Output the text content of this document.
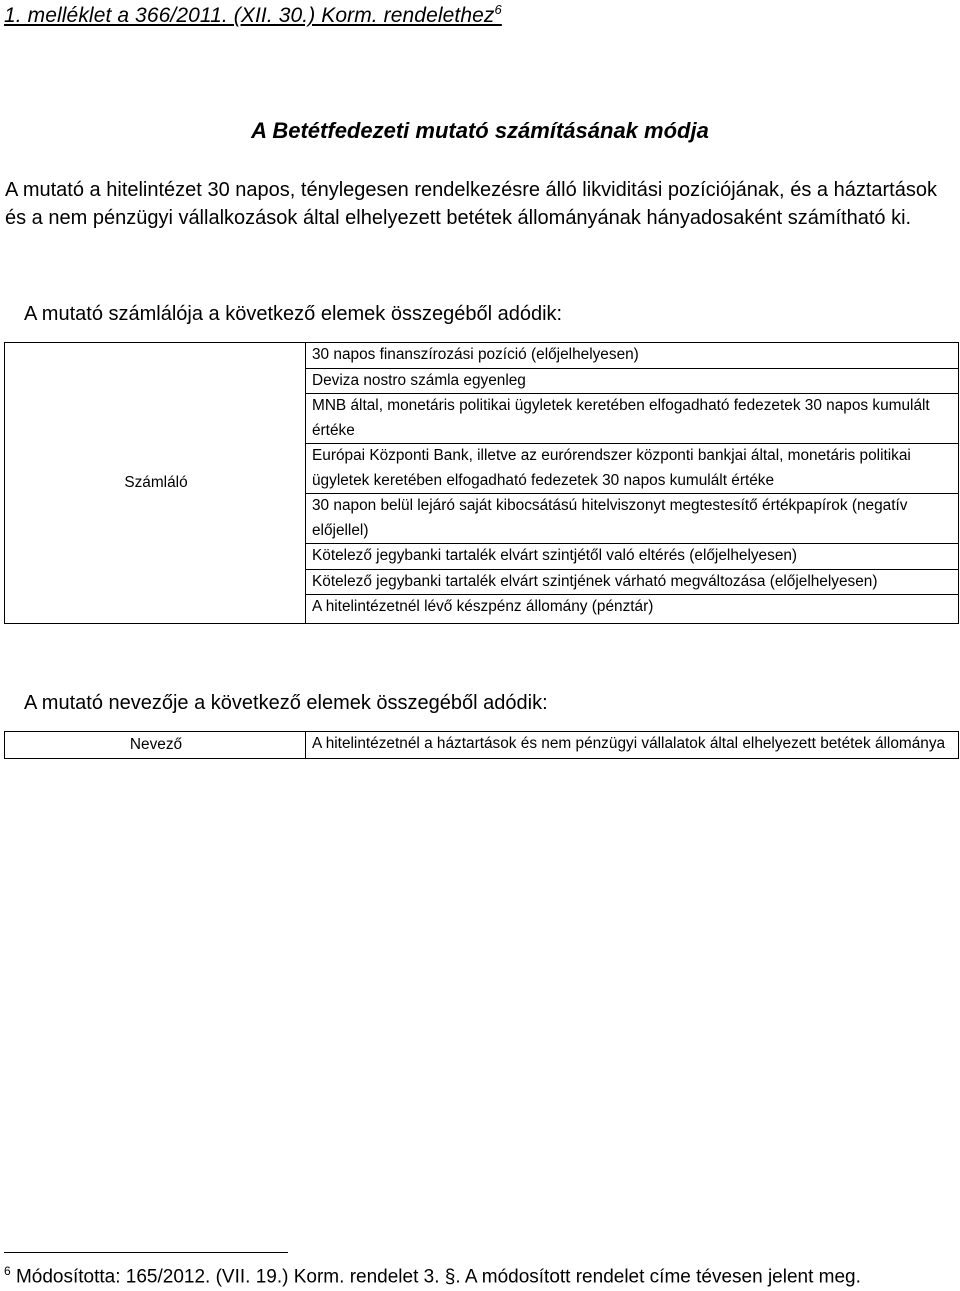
1. melléklet a 366/2011. (XII. 30.) Korm. rendelethez$^6$
A Betétfedezeti mutató számításának módja
A mutató a hitelintézet 30 napos, ténylegesen rendelkezésre álló likviditási pozíciójának, és a háztartások és a nem pénzügyi vállalkozások által elhelyezett betétek állományának hányadosaként számítható ki.
A mutató számlálója a következő elemek összegéből adódik:
Számláló	30 napos finanszírozási pozíció (előjelhelyesen)
Deviza nostro számla egyenleg
MNB által, monetáris politikai ügyletek keretében elfogadható fedezetek 30 napos kumulált értéke
Európai Központi Bank, illetve az eurórendszer központi bankjai által, monetáris politikai ügyletek keretében elfogadható fedezetek 30 napos kumulált értéke
30 napon belül lejáró saját kibocsátású hitelviszonyt megtestesítő értékpapírok (negatív előjellel)
Kötelező jegybanki tartalék elvárt szintjétől való eltérés (előjelhelyesen)
Kötelező jegybanki tartalék elvárt szintjének várható megváltozása (előjelhelyesen)
A hitelintézetnél lévő készpénz állomány (pénztár)
A mutató nevezője a következő elemek összegéből adódik:
Nevező	A hitelintézetnél a háztartások és nem pénzügyi vállalatok által elhelyezett betétek állománya
$^6$ Módosította: 165/2012. (VII. 19.) Korm. rendelet 3. §. A módosított rendelet címe tévesen jelent meg.
